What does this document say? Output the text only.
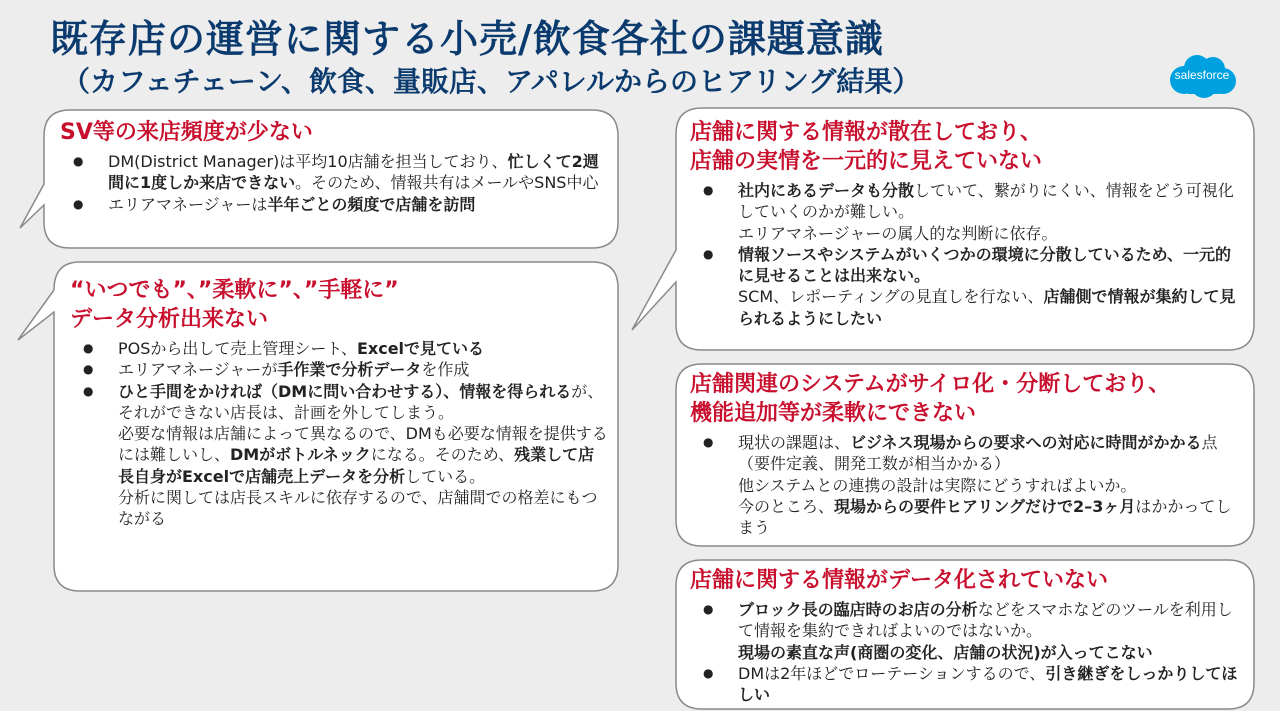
既存店の運営に関する小売/飲食各社の課題意識
（カフェチェーン、飲食、量販店、アパレルからのヒアリング結果）	salesforce
SV等の来店頻度が少ない
● DM(District Manager)は平均10店舗を担当しており、忙しくて2週間に1度しか来店できない。そのため、情報共有はメールやSNS中心
● エリアマネージャーは半年ごとの頻度で店舗を訪問
“いつでも”、”柔軟に”、”手軽に”
データ分析出来ない
● POSから出して売上管理シート、Excelで見ている
● エリアマネージャーが手作業で分析データを作成
● ひと手間をかければ（DMに問い合わせする）、情報を得られるが、それができない店長は、計画を外してしまう。
必要な情報は店舗によって異なるので、DMも必要な情報を提供するには難しいし、DMがボトルネックになる。そのため、残業して店長自身がExcelで店舗売上データを分析している。
分析に関しては店長スキルに依存するので、店舗間での格差にもつながる
店舗に関する情報が散在しており、
店舗の実情を一元的に見えていない
● 社内にあるデータも分散していて、繋がりにくい、情報をどう可視化していくのかが難しい。
エリアマネージャーの属人的な判断に依存。
● 情報ソースやシステムがいくつかの環境に分散しているため、一元的に見せることは出来ない。
SCM、レポーティングの見直しを行ない、店舗側で情報が集約して見られるようにしたい
店舗関連のシステムがサイロ化・分断しており、
機能追加等が柔軟にできない
● 現状の課題は、ビジネス現場からの要求への対応に時間がかかる点（要件定義、開発工数が相当かかる）
他システムとの連携の設計は実際にどうすればよいか。
今のところ、現場からの要件ヒアリングだけで2–3ヶ月はかかってしまう
店舗に関する情報がデータ化されていない
● ブロック長の臨店時のお店の分析などをスマホなどのツールを利用して情報を集約できればよいのではないか。
現場の素直な声(商圏の変化、店舗の状況)が入ってこない
● DMは2年ほどでローテーションするので、引き継ぎをしっかりしてほしい
